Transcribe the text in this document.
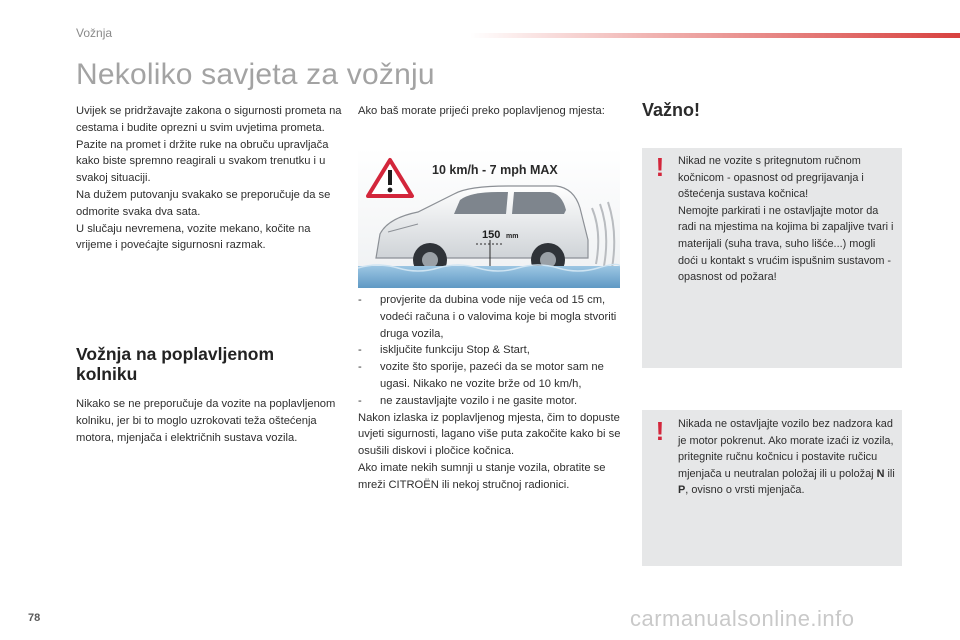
Vožnja
Nekoliko savjeta za vožnju

Uvijek se pridržavajte zakona o sigurnosti prometa na cestama i budite oprezni u svim uvjetima prometa.

Pazite na promet i držite ruke na obruču upravljača kako biste spremno reagirali u svakom trenutku i u svakoj situaciji.

Na dužem putovanju svakako se preporučuje da se odmorite svaka dva sata.

U slučaju nevremena, vozite mekano, kočite na vrijeme i povećajte sigurnosni razmak.

Vožnja na poplavljenom kolniku

Nikako se ne preporučuje da vozite na poplavljenom kolniku, jer bi to moglo uzrokovati teža oštećenja motora, mjenjača i električnih sustava vozila.

Ako baš morate prijeći preko poplavljenog mjesta:

10 km/h - 7 mph MAX
150 mm
-	provjerite da dubina vode nije veća od 15 cm, vodeći računa i o valovima koje bi mogla stvoriti druga vozila,
-	isključite funkciju Stop & Start,
-	vozite što sporije, pazeći da se motor sam ne ugasi. Nikako ne vozite brže od 10 km/h,
-	ne zaustavljajte vozilo i ne gasite motor.

Nakon izlaska iz poplavljenog mjesta, čim to dopuste uvjeti sigurnosti, lagano više puta zakočite kako bi se osušili diskovi i pločice kočnica.

Ako imate nekih sumnji u stanje vozila, obratite se mreži CITROËN ili nekoj stručnoj radionici.

Važno!
!	Nikad ne vozite s pritegnutom ručnom kočnicom - opasnost od pregrijavanja i oštećenja sustava kočnica!

Nemojte parkirati i ne ostavljajte motor da radi na mjestima na kojima bi zapaljive tvari i materijali (suha trava, suho lišće...) mogli doći u kontakt s vrućim ispušnim sustavom - opasnost od požara!

!	Nikada ne ostavljajte vozilo bez nadzora kad je motor pokrenut. Ako morate izaći iz vozila, pritegnite ručnu kočnicu i postavite ručicu mjenjača u neutralan položaj ili u položaj N ili P, ovisno o vrsti mjenjača.

78	carmanualsonline.info
